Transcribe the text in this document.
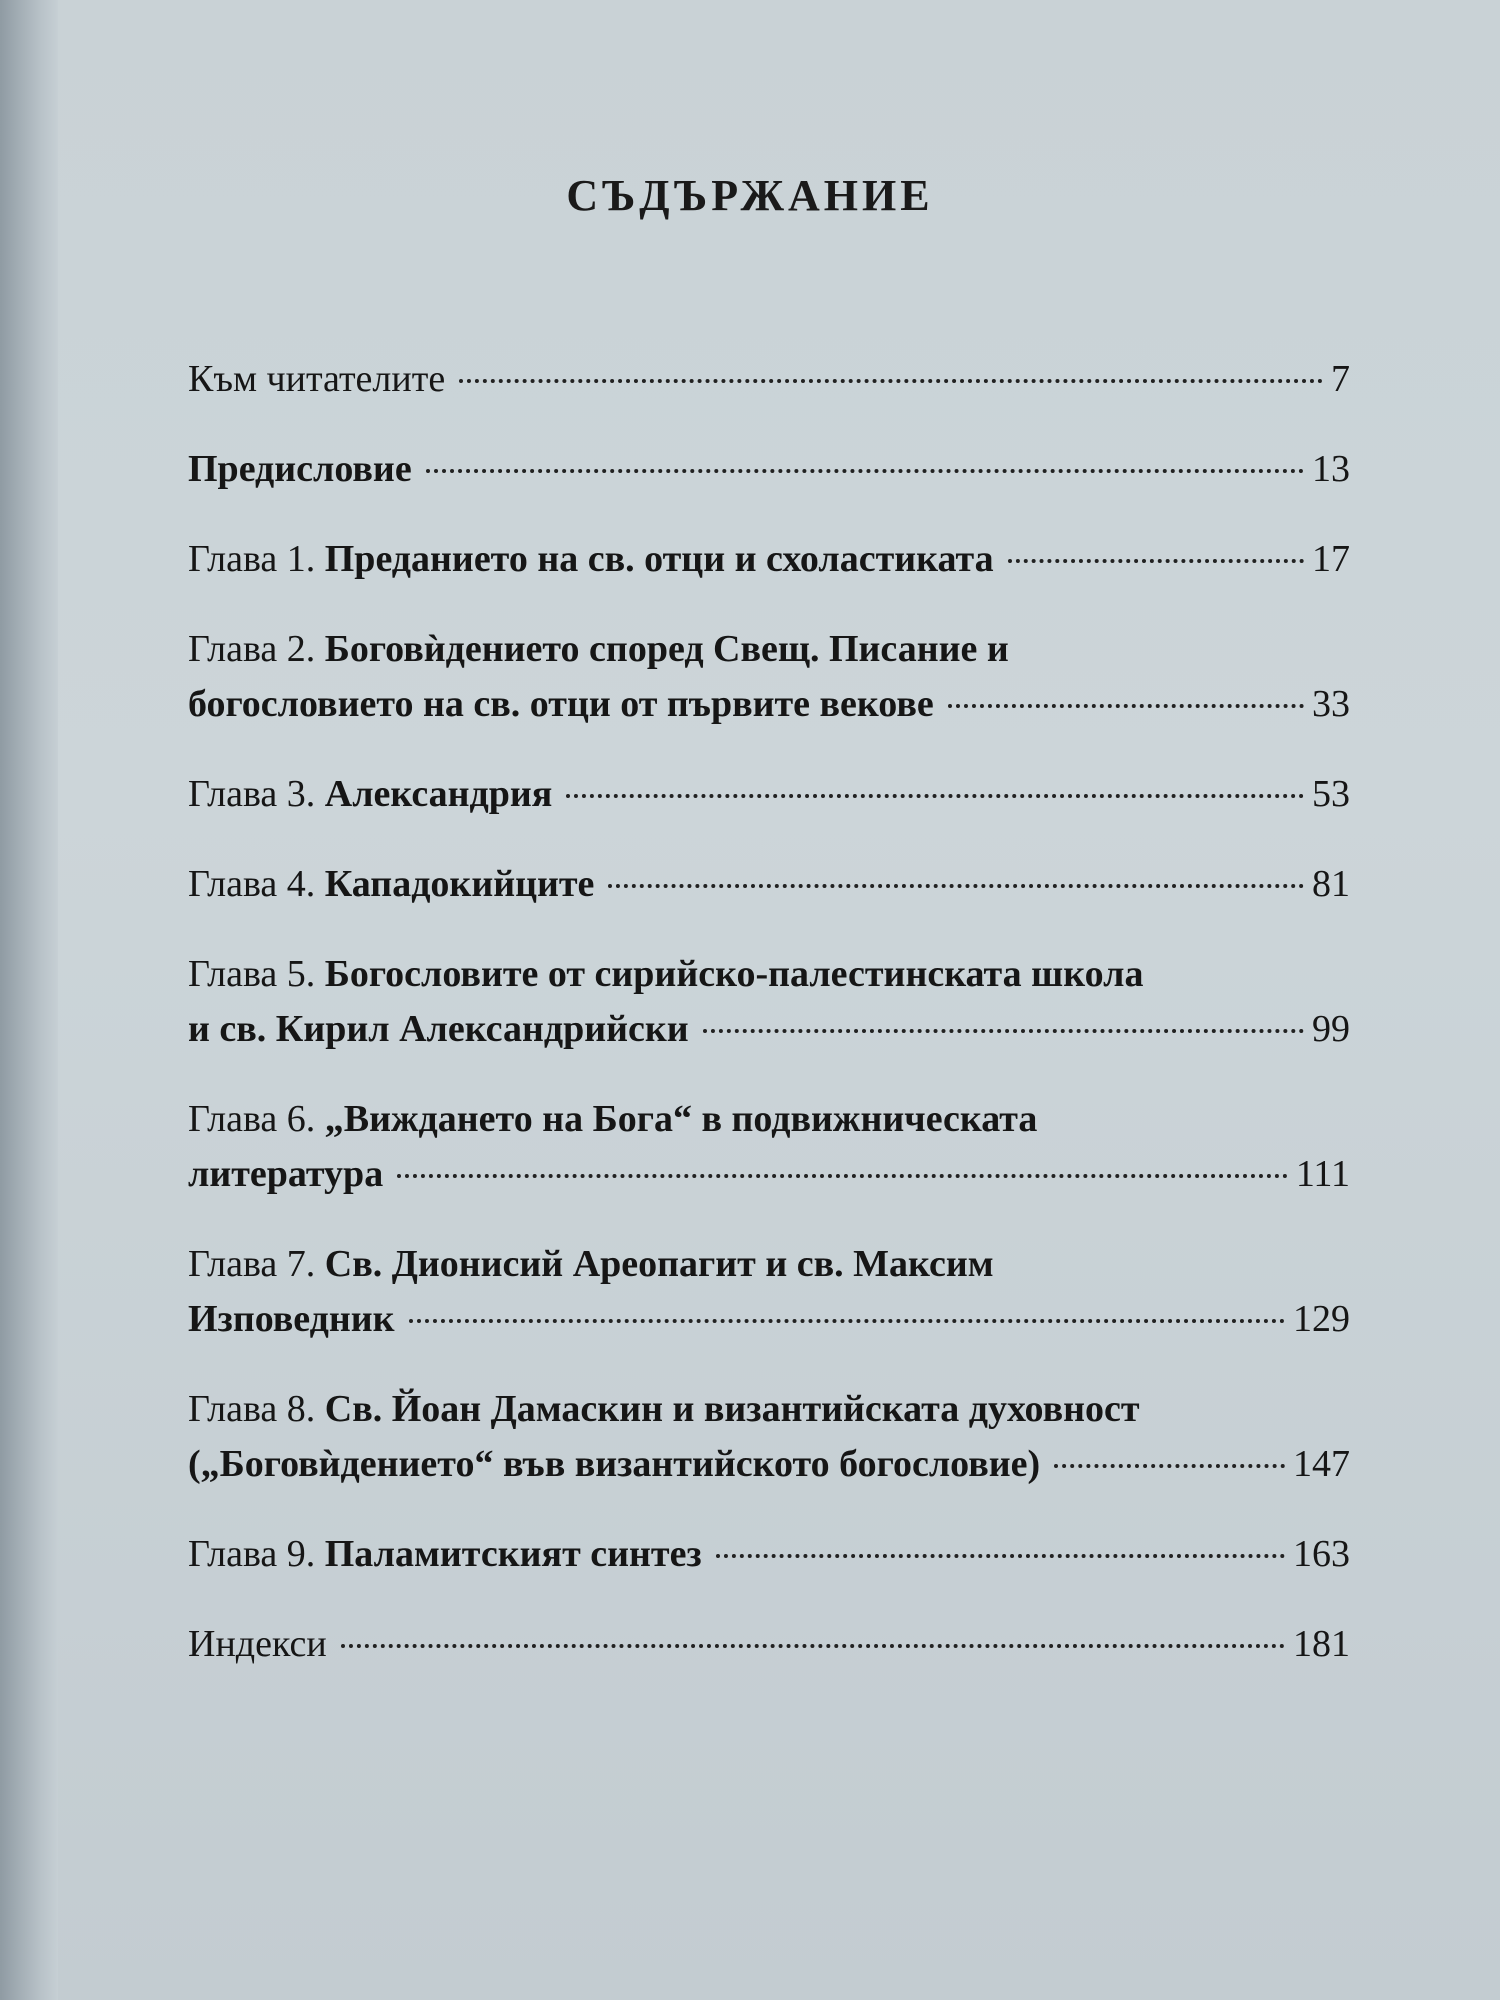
СЪДЪРЖАНИЕ
Към читателите	7
Предисловие	13
Глава 1. Преданието на св. отци и схоластиката	17
Глава 2. Боговѝдението според Свещ. Писание и
богословието на св. отци от първите векове	33
Глава 3. Александрия	53
Глава 4. Кападокийците	81
Глава 5. Богословите от сирийско-палестинската школа
и св. Кирил Александрийски	99
Глава 6. „Вижданeто на Бога“ в подвижническата
литература	111
Глава 7. Св. Дионисий Ареопагит и св. Максим
Изповедник	129
Глава 8. Св. Йоан Дамаскин и византийската духовност
(„Боговѝдението“ във византийското богословие)	147
Глава 9. Паламитският синтез	163
Индекси	181
